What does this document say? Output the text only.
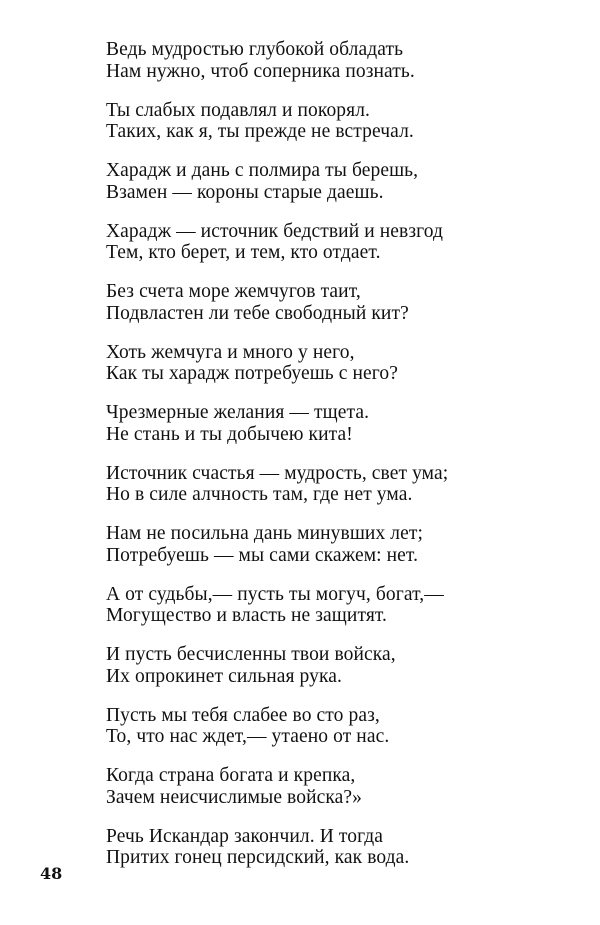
Ведь мудростью глубокой обладать
Нам нужно, чтоб соперника познать.
Ты слабых подавлял и покорял.
Таких, как я, ты прежде не встречал.
Харадж и дань с полмира ты берешь,
Взамен — короны старые даешь.
Харадж — источник бедствий и невзгод
Тем, кто берет, и тем, кто отдает.
Без счета море жемчугов таит,
Подвластен ли тебе свободный кит?
Хоть жемчуга и много у него,
Как ты харадж потребуешь с него?
Чрезмерные желания — тщета.
Не стань и ты добычею кита!
Источник счастья — мудрость, свет ума;
Но в силе алчность там, где нет ума.
Нам не посильна дань минувших лет;
Потребуешь — мы сами скажем: нет.
А от судьбы,— пусть ты могуч, богат,—
Могущество и власть не защитят.
И пусть бесчисленны твои войска,
Их опрокинет сильная рука.
Пусть мы тебя слабее во сто раз,
То, что нас ждет,— утаено от нас.
Когда страна богата и крепка,
Зачем неисчислимые войска?»
Речь Искандар закончил. И тогда
Притих гонец персидский, как вода.
48
